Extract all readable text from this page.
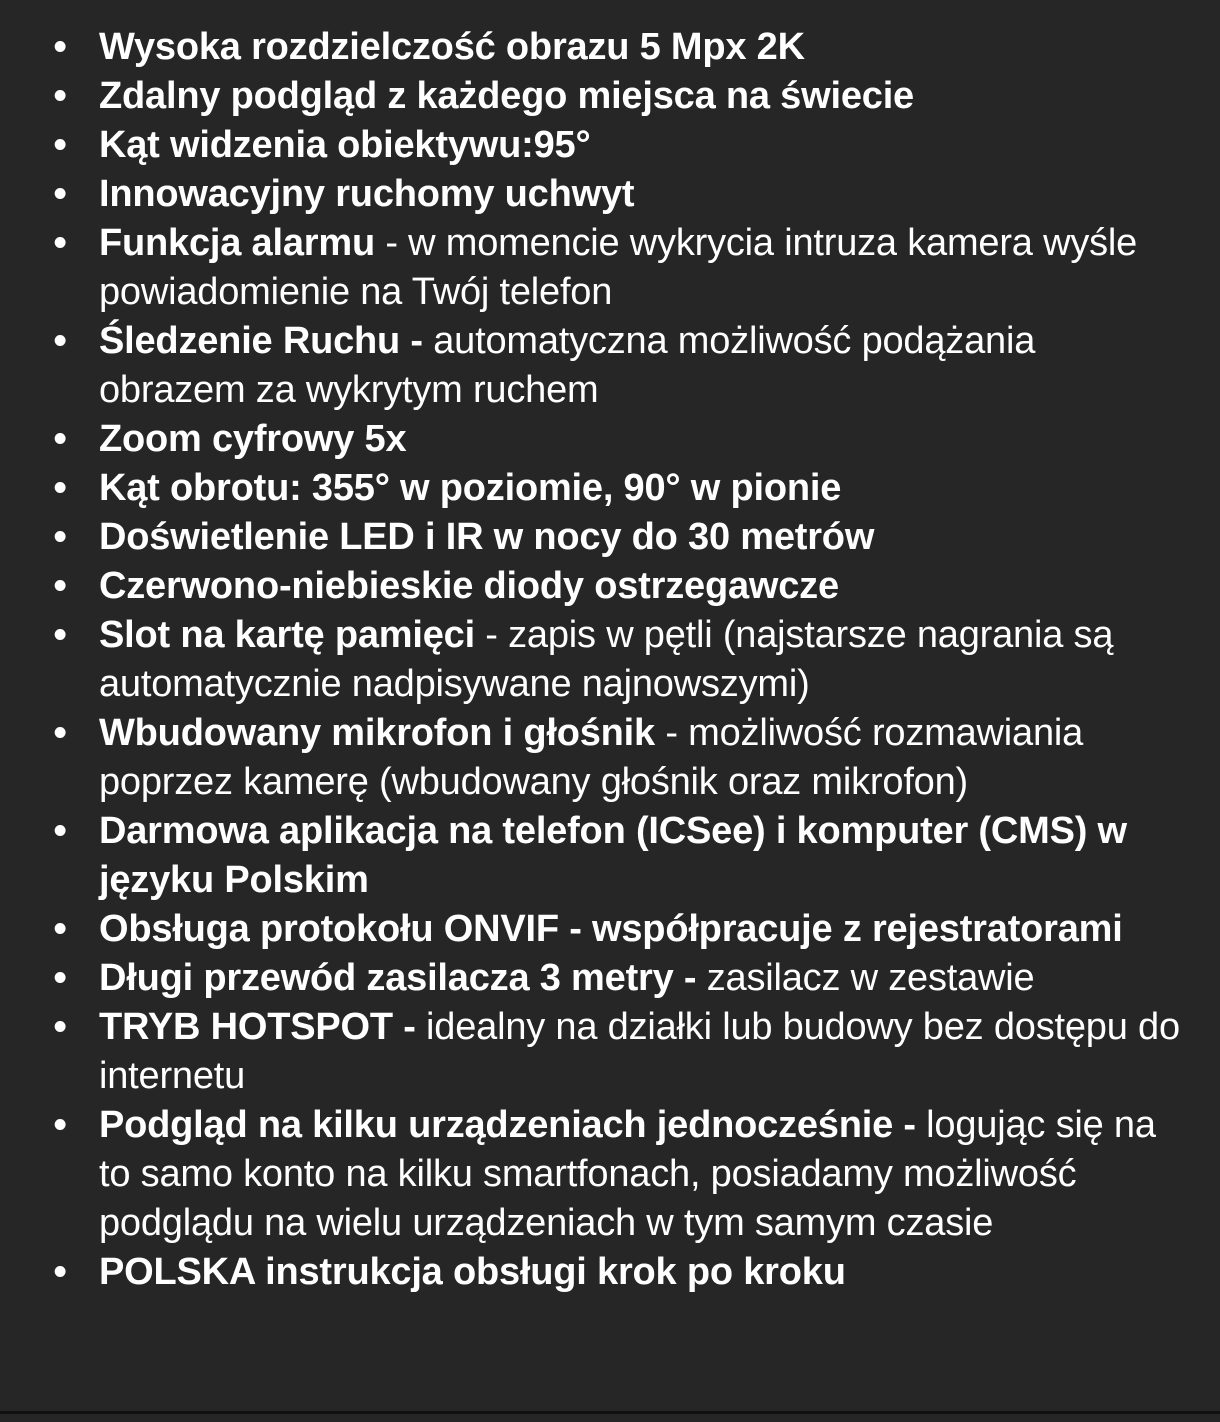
• Wysoka rozdzielczość obrazu 5 Mpx 2K
• Zdalny podgląd z każdego miejsca na świecie
• Kąt widzenia obiektywu:95°
• Innowacyjny ruchomy uchwyt
• Funkcja alarmu - w momencie wykrycia intruza kamera wyśle powiadomienie na Twój telefon
• Śledzenie Ruchu - automatyczna możliwość podążania obrazem za wykrytym ruchem
• Zoom cyfrowy 5x
• Kąt obrotu: 355° w poziomie, 90° w pionie
• Doświetlenie LED i IR w nocy do 30 metrów
• Czerwono-niebieskie diody ostrzegawcze
• Slot na kartę pamięci - zapis w pętli (najstarsze nagrania są automatycznie nadpisywane najnowszymi)
• Wbudowany mikrofon i głośnik - możliwość rozmawiania poprzez kamerę (wbudowany głośnik oraz mikrofon)
• Darmowa aplikacja na telefon (ICSee) i komputer (CMS) w języku Polskim
• Obsługa protokołu ONVIF - współpracuje z rejestratorami
• Długi przewód zasilacza 3 metry - zasilacz w zestawie
• TRYB HOTSPOT - idealny na działki lub budowy bez dostępu do internetu
• Podgląd na kilku urządzeniach jednocześnie - logując się na to samo konto na kilku smartfonach, posiadamy możliwość podglądu na wielu urządzeniach w tym samym czasie
• POLSKA instrukcja obsługi krok po kroku
